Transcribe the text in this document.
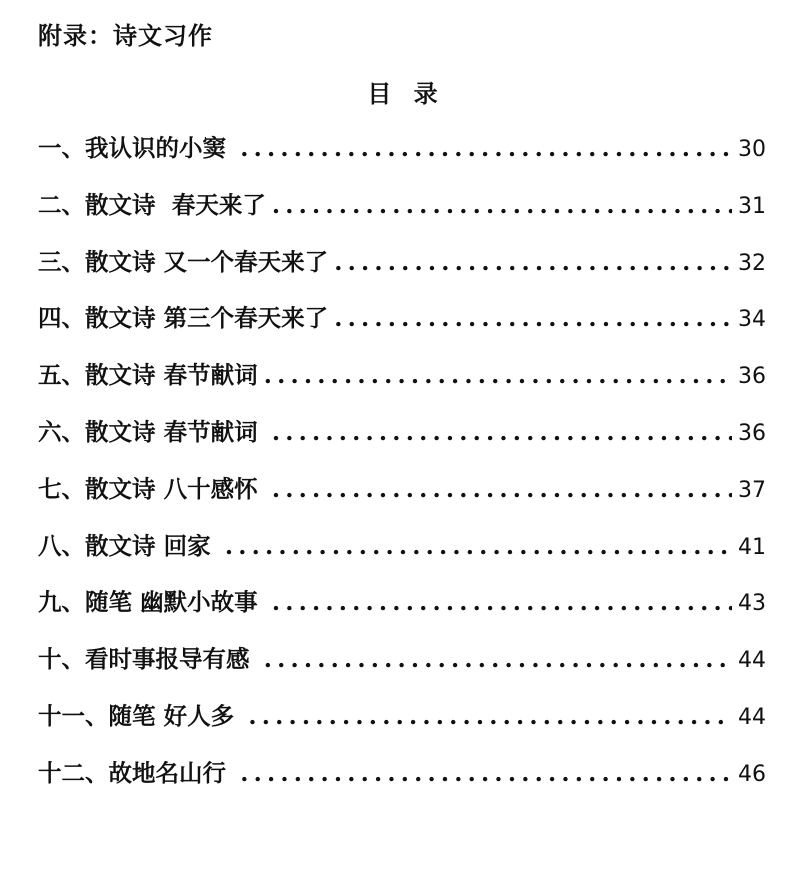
附录：诗文习作
目 录
一、我认识的小窦 .....	30
二、散文诗  春天来了 .....	31
三、散文诗 又一个春天来了 .....	32
四、散文诗 第三个春天来了 .....	34
五、散文诗 春节献词 .....	36
六、散文诗 春节献词 .....	36
七、散文诗 八十感怀 .....	37
八、散文诗 回家 .....	41
九、随笔 幽默小故事 .....	43
十、看时事报导有感 .....	44
十一、随笔 好人多 .....	44
十二、故地名山行 .....	46
